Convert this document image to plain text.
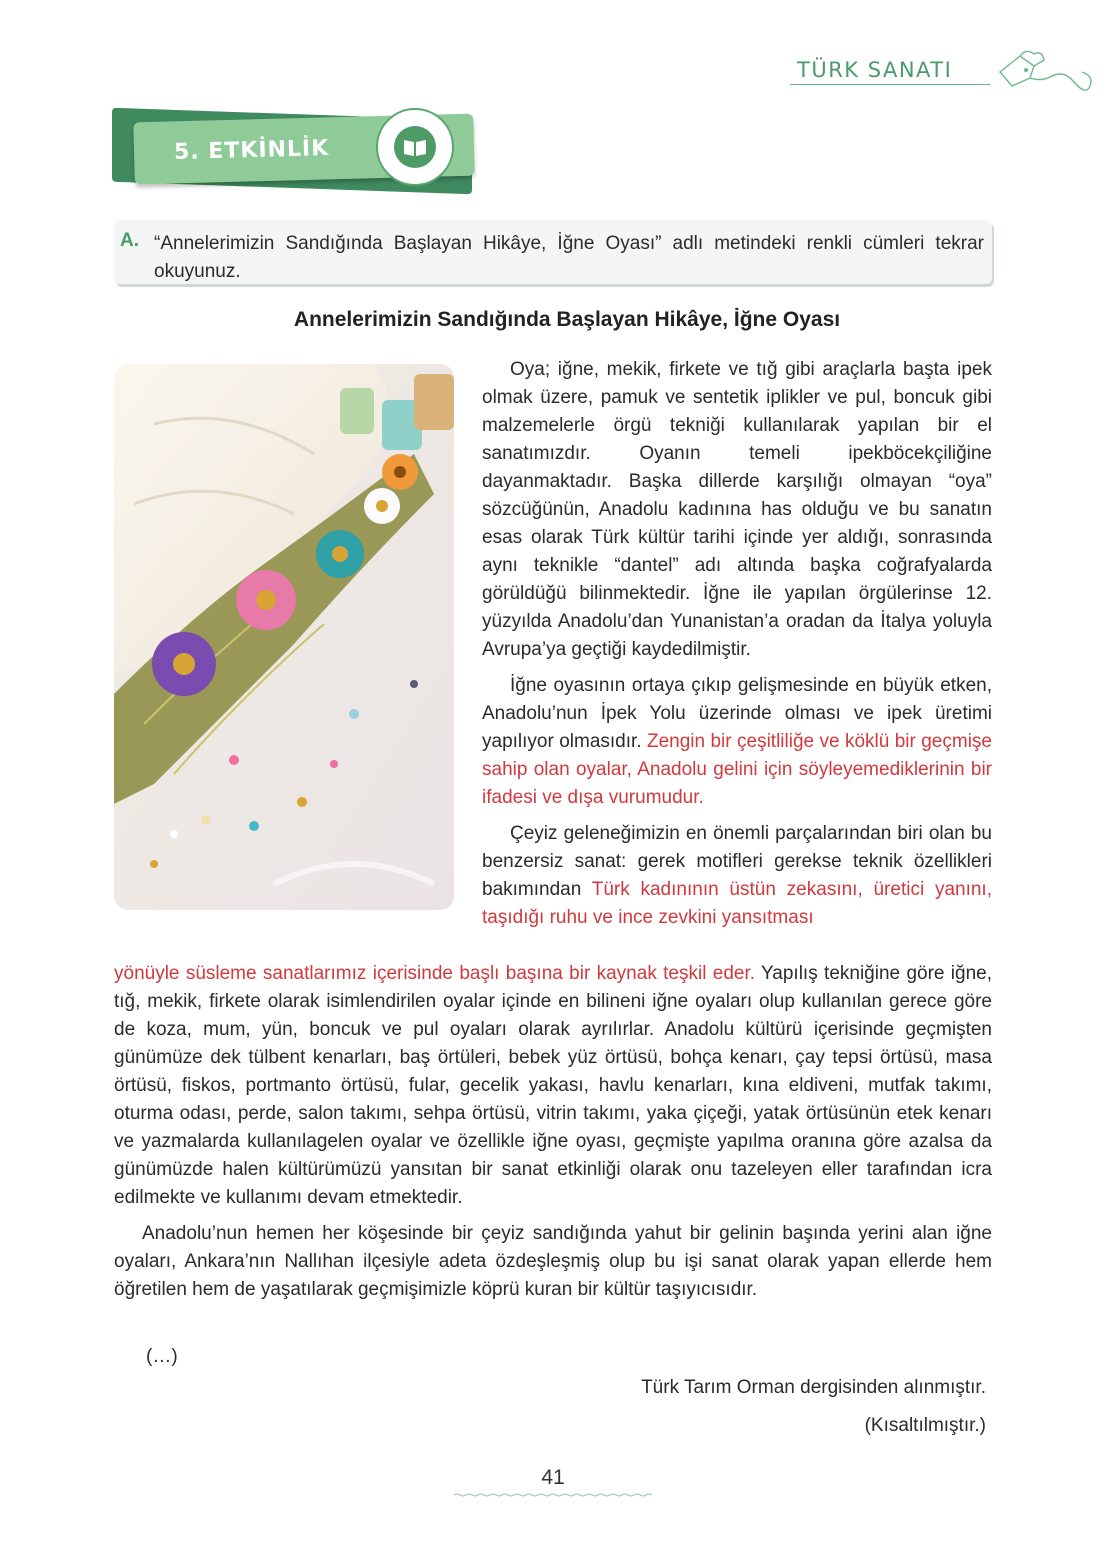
TÜRK SANATI
5. ETKİNLİK
A. “Annelerimizin Sandığında Başlayan Hikâye, İğne Oyası” adlı metindeki renkli cümleri tekrar okuyunuz.
Annelerimizin Sandığında Başlayan Hikâye, İğne Oyası

Oya; iğne, mekik, firkete ve tığ gibi araçlarla başta ipek olmak üzere, pamuk ve sentetik iplikler ve pul, boncuk gibi malzemelerle örgü tekniği kullanılarak yapılan bir el sanatımızdır. Oyanın temeli ipekböcekçiliğine dayanmaktadır. Başka dillerde karşılığı olmayan “oya” sözcüğünün, Anadolu kadınına has olduğu ve bu sanatın esas olarak Türk kültür tarihi içinde yer aldığı, sonrasında aynı teknikle “dantel” adı altında başka coğrafyalarda görüldüğü bilinmektedir. İğne ile yapılan örgülerinse 12. yüzyılda Anadolu’dan Yunanistan’a oradan da İtalya yoluyla Avrupa’ya geçtiği kaydedilmiştir.

İğne oyasının ortaya çıkıp gelişmesinde en büyük etken, Anadolu’nun İpek Yolu üzerinde olması ve ipek üretimi yapılıyor olmasıdır. Zengin bir çeşitliliğe ve köklü bir geçmişe sahip olan oyalar, Anadolu gelini için söyleyemediklerinin bir ifadesi ve dışa vurumudur.

Çeyiz geleneğimizin en önemli parçalarından biri olan bu benzersiz sanat: gerek motifleri gerekse teknik özellikleri bakımından Türk kadınının üstün zekasını, üretici yanını, taşıdığı ruhu ve ince zevkini yansıtması

yönüyle süsleme sanatlarımız içerisinde başlı başına bir kaynak teşkil eder. Yapılış tekniğine göre iğne, tığ, mekik, firkete olarak isimlendirilen oyalar içinde en bilineni iğne oyaları olup kullanılan gerece göre de koza, mum, yün, boncuk ve pul oyaları olarak ayrılırlar. Anadolu kültürü içerisinde geçmişten günümüze dek tülbent kenarları, baş örtüleri, bebek yüz örtüsü, bohça kenarı, çay tepsi örtüsü, masa örtüsü, fiskos, portmanto örtüsü, fular, gecelik yakası, havlu kenarları, kına eldiveni, mutfak takımı, oturma odası, perde, salon takımı, sehpa örtüsü, vitrin takımı, yaka çiçeği, yatak örtüsünün etek kenarı ve yazmalarda kullanılagelen oyalar ve özellikle iğne oyası, geçmişte yapılma oranına göre azalsa da günümüzde halen kültürümüzü yansıtan bir sanat etkinliği olarak onu tazeleyen eller tarafından icra edilmekte ve kullanımı devam etmektedir.

Anadolu’nun hemen her köşesinde bir çeyiz sandığında yahut bir gelinin başında yerini alan iğne oyaları, Ankara’nın Nallıhan ilçesiyle adeta özdeşleşmiş olup bu işi sanat olarak yapan ellerde hem öğretilen hem de yaşatılarak geçmişimizle köprü kuran bir kültür taşıyıcısıdır.

(…)
Türk Tarım Orman dergisinden alınmıştır.
(Kısaltılmıştır.)
41
